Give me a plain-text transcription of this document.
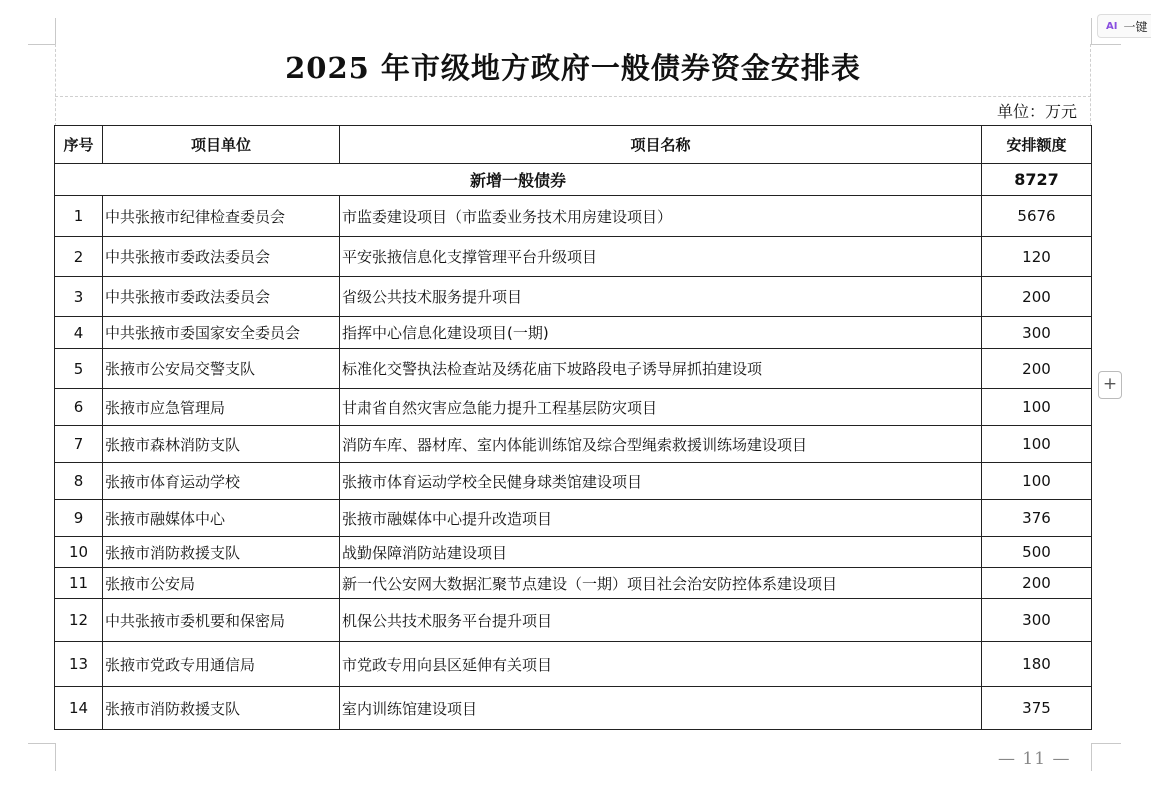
2025 年市级地方政府一般债券资金安排表
单位：万元
序号	项目单位	项目名称	安排额度
新增一般债券			8727
1	中共张掖市纪律检查委员会	市监委建设项目（市监委业务技术用房建设项目）	5676
2	中共张掖市委政法委员会	平安张掖信息化支撑管理平台升级项目	120
3	中共张掖市委政法委员会	省级公共技术服务提升项目	200
4	中共张掖市委国家安全委员会	指挥中心信息化建设项目(一期)	300
5	张掖市公安局交警支队	标准化交警执法检查站及绣花庙下坡路段电子诱导屏抓拍建设项	200
6	张掖市应急管理局	甘肃省自然灾害应急能力提升工程基层防灾项目	100
7	张掖市森林消防支队	消防车库、器材库、室内体能训练馆及综合型绳索救援训练场建设项目	100
8	张掖市体育运动学校	张掖市体育运动学校全民健身球类馆建设项目	100
9	张掖市融媒体中心	张掖市融媒体中心提升改造项目	376
10	张掖市消防救援支队	战勤保障消防站建设项目	500
11	张掖市公安局	新一代公安网大数据汇聚节点建设（一期）项目社会治安防控体系建设项目	200
12	中共张掖市委机要和保密局	机保公共技术服务平台提升项目	300
13	张掖市党政专用通信局	市党政专用向县区延伸有关项目	180
14	张掖市消防救援支队	室内训练馆建设项目	375
AI 一键
+
— 11 —
